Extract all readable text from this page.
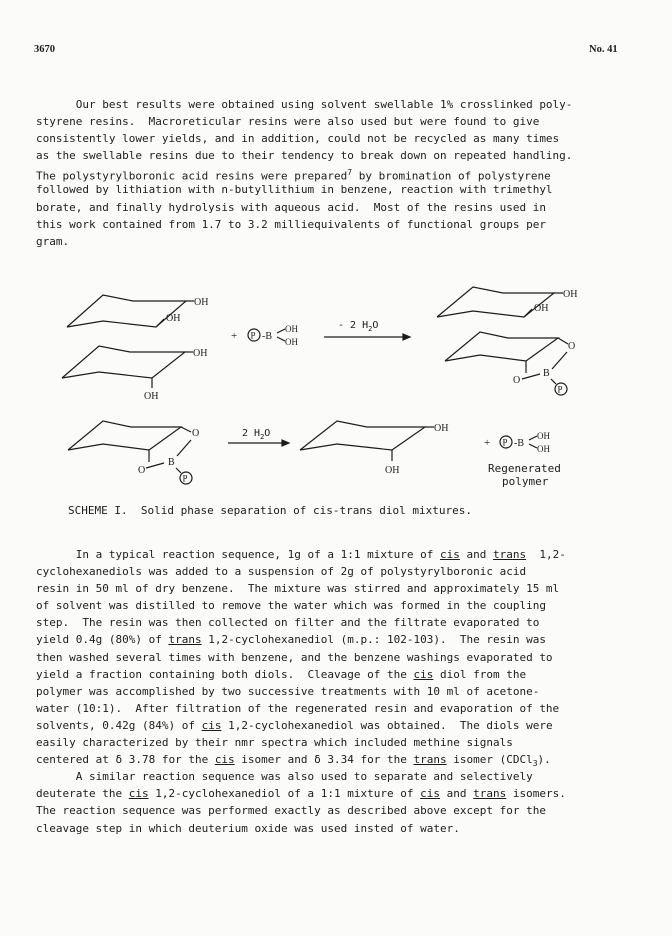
3670	No. 41
Our best results were obtained using solvent swellable 1% crosslinked poly-
styrene resins.  Macroreticular resins were also used but were found to give
consistently lower yields, and in addition, could not be recycled as many times
as the swellable resins due to their tendency to break down on repeated handling.
The polystyrylboronic acid resins were prepared$^7$ by bromination of polystyrene
followed by lithiation with n-butyllithium in benzene, reaction with trimethyl
borate, and finally hydrolysis with aqueous acid.  Most of the resins used in
this work contained from 1.7 to 3.2 milliequivalents of functional groups per
gram.
OH
OH
OH
OH
+ P -B
OH
OH
- 2 $H_2O$
OH
OH
O
O
B
P
O
O
B
P
2 $H_2O$	OH
OH
+ P -B
OH
OH
Regenerated
polymer
SCHEME I.  Solid phase separation of cis-trans diol mixtures.
In a typical reaction sequence, 1g of a 1:1 mixture of cis and trans  1,2-
cyclohexanediols was added to a suspension of 2g of polystyrylboronic acid
resin in 50 ml of dry benzene.  The mixture was stirred and approximately 15 ml
of solvent was distilled to remove the water which was formed in the coupling
step.  The resin was then collected on filter and the filtrate evaporated to
yield 0.4g (80%) of trans 1,2-cyclohexanediol (m.p.: 102-103).  The resin was
then washed several times with benzene, and the benzene washings evaporated to
yield a fraction containing both diols.  Cleavage of the cis diol from the
polymer was accomplished by two successive treatments with 10 ml of acetone-
water (10:1).  After filtration of the regenerated resin and evaporation of the
solvents, 0.42g (84%) of cis 1,2-cyclohexanediol was obtained.  The diols were
easily characterized by their nmr spectra which included methine signals
centered at δ 3.78 for the cis isomer and δ 3.34 for the trans isomer (CDCl$_3$).
A similar reaction sequence was also used to separate and selectively
deuterate the cis 1,2-cyclohexanediol of a 1:1 mixture of cis and trans isomers.
The reaction sequence was performed exactly as described above except for the
cleavage step in which deuterium oxide was used insted of water.
